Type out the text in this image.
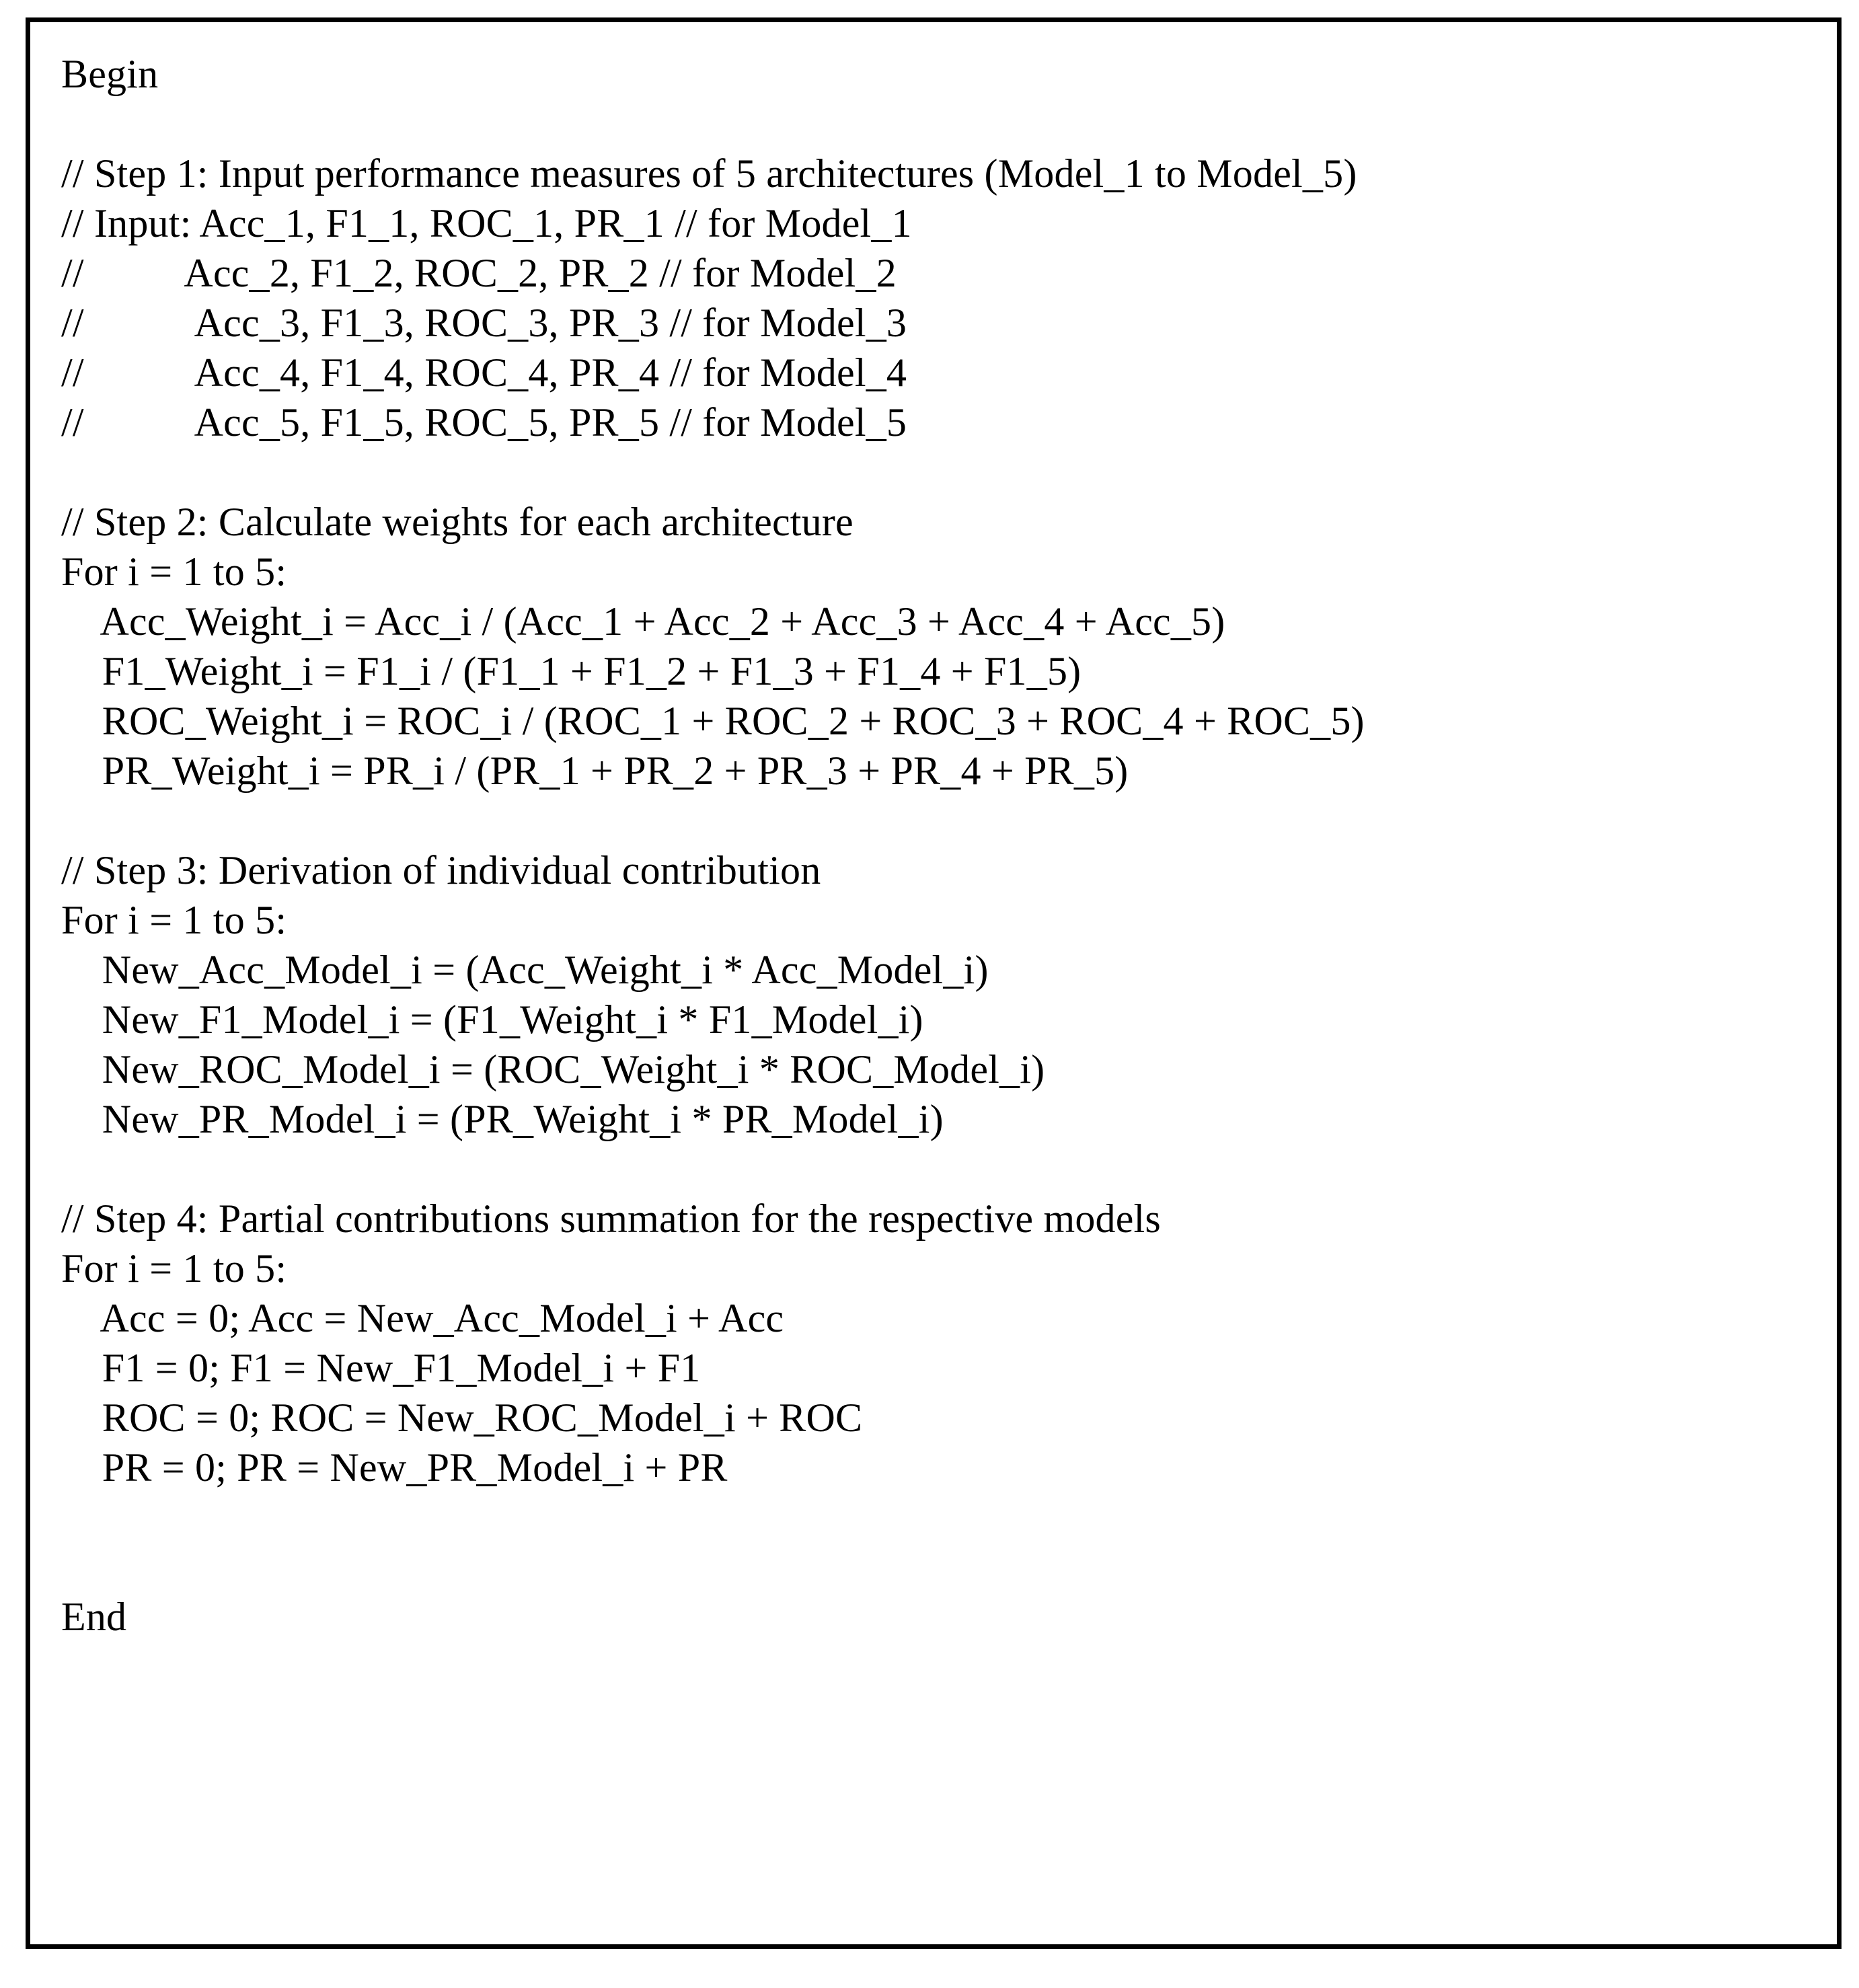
Begin

// Step 1: Input performance measures of 5 architectures (Model_1 to Model_5)
// Input: Acc_1, F1_1, ROC_1, PR_1 // for Model_1
//          Acc_2, F1_2, ROC_2, PR_2 // for Model_2
//           Acc_3, F1_3, ROC_3, PR_3 // for Model_3
//           Acc_4, F1_4, ROC_4, PR_4 // for Model_4
//           Acc_5, F1_5, ROC_5, PR_5 // for Model_5

// Step 2: Calculate weights for each architecture
For i = 1 to 5:
Acc_Weight_i = Acc_i / (Acc_1 + Acc_2 + Acc_3 + Acc_4 + Acc_5)
F1_Weight_i = F1_i / (F1_1 + F1_2 + F1_3 + F1_4 + F1_5)
ROC_Weight_i = ROC_i / (ROC_1 + ROC_2 + ROC_3 + ROC_4 + ROC_5)
PR_Weight_i = PR_i / (PR_1 + PR_2 + PR_3 + PR_4 + PR_5)

// Step 3: Derivation of individual contribution
For i = 1 to 5:
New_Acc_Model_i = (Acc_Weight_i * Acc_Model_i)
New_F1_Model_i = (F1_Weight_i * F1_Model_i)
New_ROC_Model_i = (ROC_Weight_i * ROC_Model_i)
New_PR_Model_i = (PR_Weight_i * PR_Model_i)

// Step 4: Partial contributions summation for the respective models
For i = 1 to 5:
Acc = 0; Acc = New_Acc_Model_i + Acc
F1 = 0; F1 = New_F1_Model_i + F1
ROC = 0; ROC = New_ROC_Model_i + ROC
PR = 0; PR = New_PR_Model_i + PR

End
